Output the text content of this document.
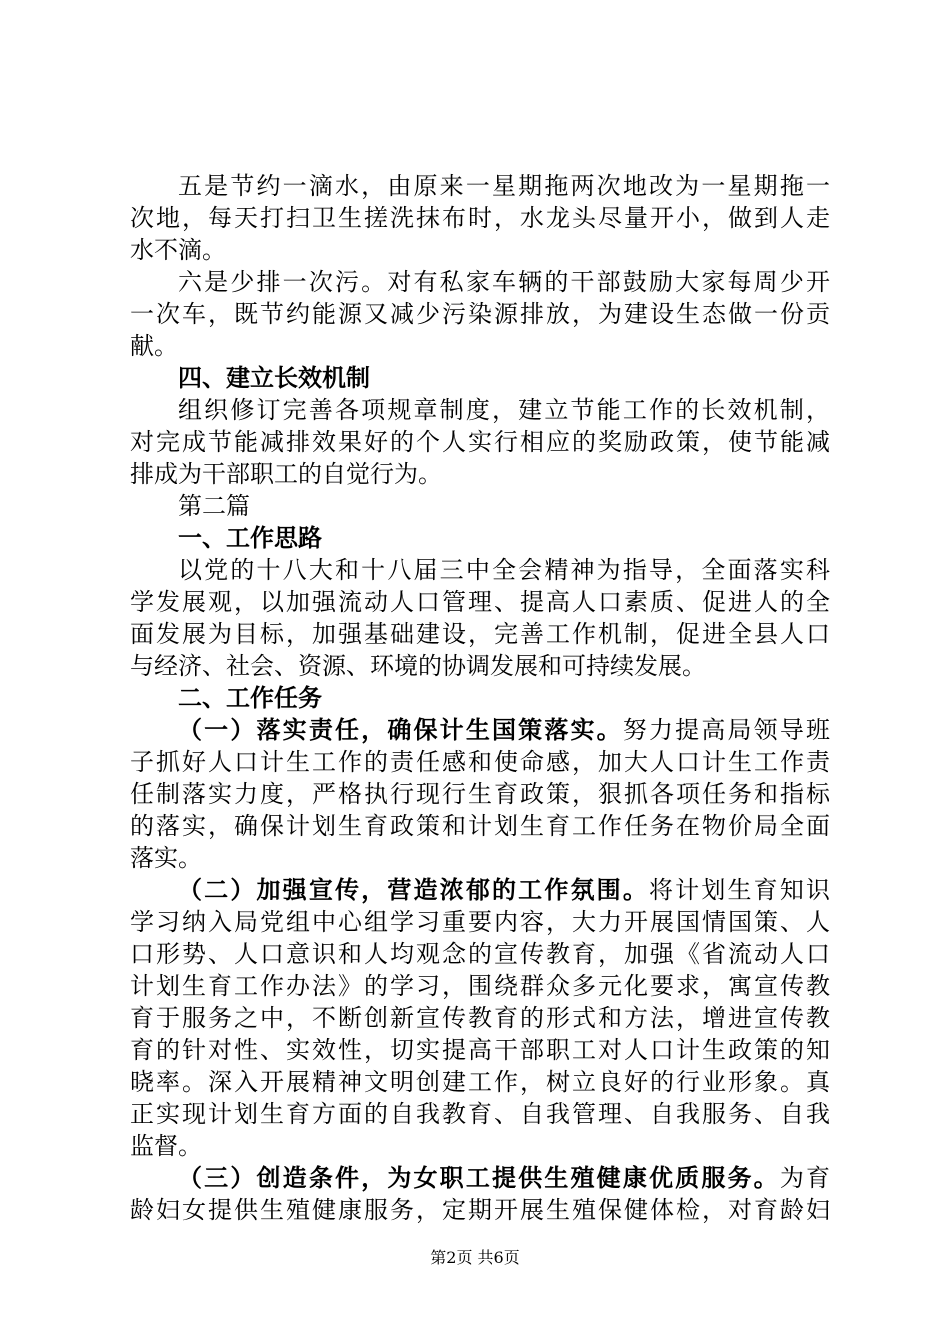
五是节约一滴水，由原来一星期拖两次地改为一星期拖一
次地，每天打扫卫生搓洗抹布时，水龙头尽量开小，做到人走
水不滴。
六是少排一次污。对有私家车辆的干部鼓励大家每周少开
一次车，既节约能源又减少污染源排放，为建设生态做一份贡
献。
四、建立长效机制
组织修订完善各项规章制度，建立节能工作的长效机制，
对完成节能减排效果好的个人实行相应的奖励政策，使节能减
排成为干部职工的自觉行为。
第二篇
一、工作思路
以党的十八大和十八届三中全会精神为指导，全面落实科
学发展观，以加强流动人口管理、提高人口素质、促进人的全
面发展为目标，加强基础建设，完善工作机制，促进全县人口
与经济、社会、资源、环境的协调发展和可持续发展。
二、工作任务
（一）落实责任，确保计生国策落实。努力提高局领导班
子抓好人口计生工作的责任感和使命感，加大人口计生工作责
任制落实力度，严格执行现行生育政策，狠抓各项任务和指标
的落实，确保计划生育政策和计划生育工作任务在物价局全面
落实。
（二）加强宣传，营造浓郁的工作氛围。将计划生育知识
学习纳入局党组中心组学习重要内容，大力开展国情国策、人
口形势、人口意识和人均观念的宣传教育，加强《省流动人口
计划生育工作办法》的学习，围绕群众多元化要求，寓宣传教
育于服务之中，不断创新宣传教育的形式和方法，增进宣传教
育的针对性、实效性，切实提高干部职工对人口计生政策的知
晓率。深入开展精神文明创建工作，树立良好的行业形象。真
正实现计划生育方面的自我教育、自我管理、自我服务、自我
监督。
（三）创造条件，为女职工提供生殖健康优质服务。为育
龄妇女提供生殖健康服务，定期开展生殖保健体检，对育龄妇
第2页 共6页
